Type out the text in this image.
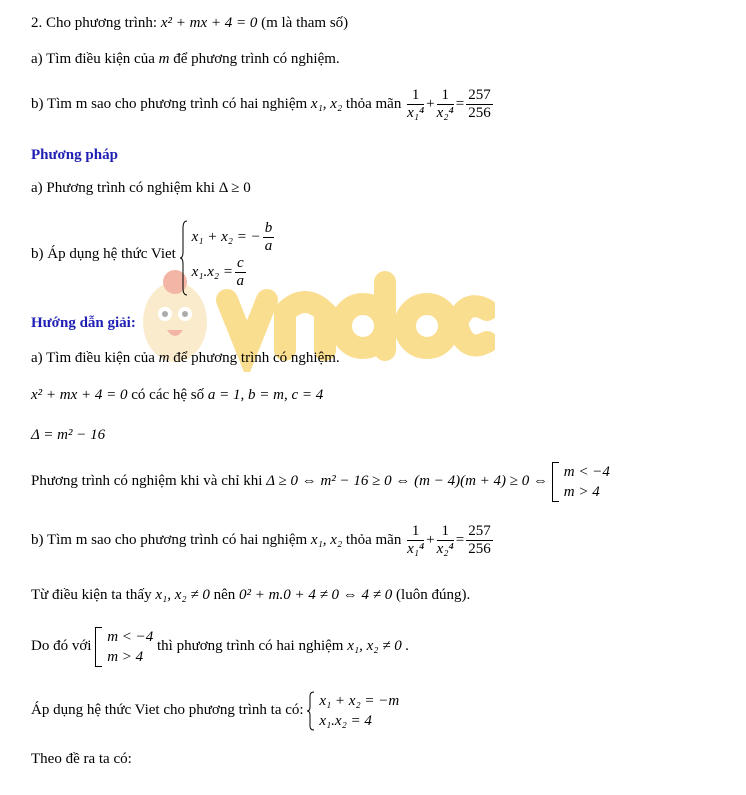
2. Cho phương trình: x² + mx + 4 = 0 (m là tham số)
a) Tìm điều kiện của m để phương trình có nghiệm.
b) Tìm m sao cho phương trình có hai nghiệm x₁, x₂ thỏa mãn $\frac{1}{\text{x₁⁴}} + \frac{1}{\text{x₂⁴}} = \frac{257}{256}$
Phương pháp
a) Phương trình có nghiệm khi Δ ≥ 0
b) Áp dụng hệ thức Viet
x₁ + x₂ = − $\frac{b}{a}$
$x_1.x_2 = \frac{c}{a}$
Hướng dẫn giải:
a) Tìm điều kiện của m để phương trình có nghiệm.
x² + mx + 4 = 0 có các hệ số a = 1, b = m, c = 4
Δ = m² − 16
Phương trình có nghiệm khi và chỉ khi Δ ≥ 0 ⇔ m² − 16 ≥ 0 ⇔ (m − 4)(m + 4) ≥ 0 ⇔
m < −4
m > 4
b) Tìm m sao cho phương trình có hai nghiệm x₁, x₂ thỏa mãn $\frac{1}{\text{x₁⁴}} + \frac{1}{\text{x₂⁴}} = \frac{257}{256}$
Từ điều kiện ta thấy x₁, x₂ ≠ 0 nên 0² + m.0 + 4 ≠ 0 ⇔ 4 ≠ 0 (luôn đúng).
Do đó với
m < −4
m > 4
thì phương trình có hai nghiệm x₁, x₂ ≠ 0 .
Áp dụng hệ thức Viet cho phương trình ta có:
x₁ + x₂ = −m
x₁.x₂ = 4
Theo đề ra ta có:
